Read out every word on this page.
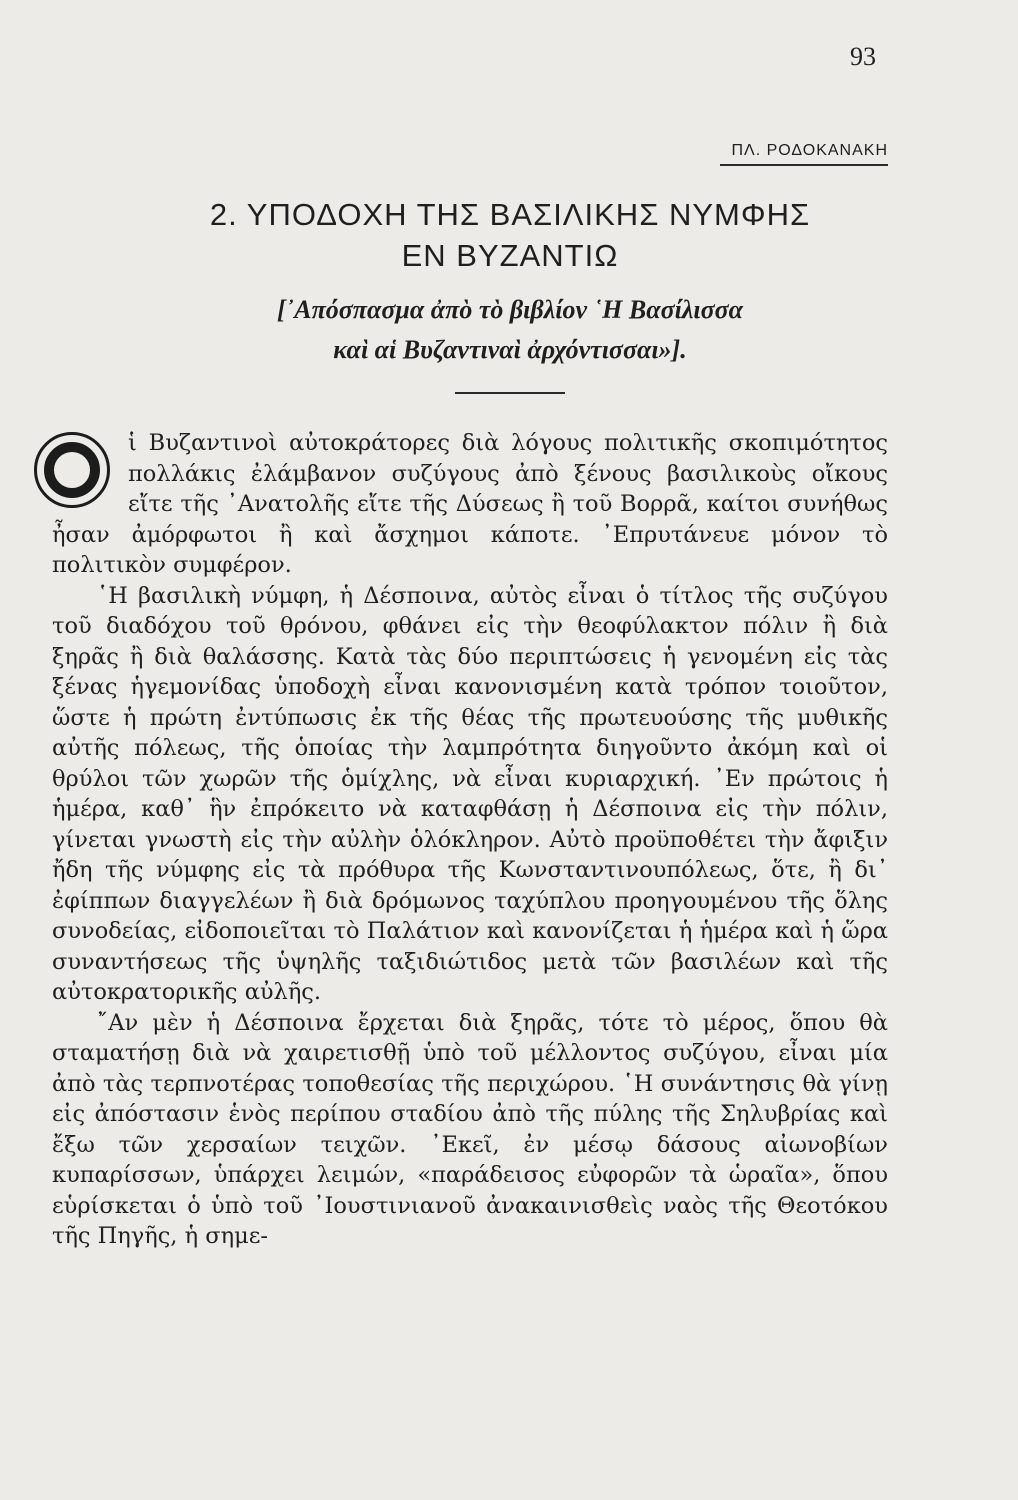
93
ΠΛ. ΡΟΔΟΚΑΝΑΚΗ
2. ΥΠΟΔΟΧΗ ΤΗΣ ΒΑΣΙΛΙΚΗΣ ΝΥΜΦΗΣ
ΕΝ ΒΥΖΑΝΤΙΩ
[᾿Απόσπασμα ἀπὸ τὸ βιβλίον ῾Η Βασίλισσα
καὶ αἱ Βυζαντιναὶ ἀρχόντισσαι»].

ἱ Βυζαντινοὶ αὐτοκράτορες διὰ λόγους πολιτικῆς σκοπιμότητος πολλάκις ἐλάμβανον συζύγους ἀπὸ ξένους βασιλικοὺς οἴκους εἴτε τῆς ᾿Ανατολῆς εἴτε τῆς Δύσεως ἢ τοῦ Βορρᾶ, καίτοι συνήθως ἦσαν ἀμόρφωτοι ἢ καὶ ἄσχημοι κάποτε. ᾿Επρυτάνευε μόνον τὸ πολιτικὸν συμφέρον.

῾Η βασιλικὴ νύμφη, ἡ Δέσποινα, αὐτὸς εἶναι ὁ τίτλος τῆς συζύγου τοῦ διαδόχου τοῦ θρόνου, φθάνει εἰς τὴν θεοφύλακτον πόλιν ἢ διὰ ξηρᾶς ἢ διὰ θαλάσσης. Κατὰ τὰς δύο περιπτώσεις ἡ γενομένη εἰς τὰς ξένας ἡγεμονίδας ὑποδοχὴ εἶναι κανονισμένη κατὰ τρόπον τοιοῦτον, ὥστε ἡ πρώτη ἐντύπωσις ἐκ τῆς θέας τῆς πρωτευούσης τῆς μυθικῆς αὐτῆς πόλεως, τῆς ὁποίας τὴν λαμπρότητα διηγοῦντο ἀκόμη καὶ οἱ θρύλοι τῶν χωρῶν τῆς ὁμίχλης, νὰ εἶναι κυριαρχική. ᾿Εν πρώτοις ἡ ἡμέρα, καθ᾿ ἣν ἐπρόκειτο νὰ καταφθάσῃ ἡ Δέσποινα εἰς τὴν πόλιν, γίνεται γνωστὴ εἰς τὴν αὐλὴν ὁλόκληρον. Αὐτὸ προϋποθέτει τὴν ἄφιξιν ἤδη τῆς νύμφης εἰς τὰ πρόθυρα τῆς Κωνσταντινουπόλεως, ὅτε, ἢ δι᾿ ἐφίππων διαγγελέων ἢ διὰ δρόμωνος ταχύπλου προηγουμένου τῆς ὅλης συνοδείας, εἰδοποιεῖται τὸ Παλάτιον καὶ κανονίζεται ἡ ἡμέρα καὶ ἡ ὥρα συναντήσεως τῆς ὑψηλῆς ταξιδιώτιδος μετὰ τῶν βασιλέων καὶ τῆς αὐτοκρατορικῆς αὐλῆς.

῎Αν μὲν ἡ Δέσποινα ἔρχεται διὰ ξηρᾶς, τότε τὸ μέρος, ὅπου θὰ σταματήσῃ διὰ νὰ χαιρετισθῇ ὑπὸ τοῦ μέλλοντος συζύγου, εἶναι μία ἀπὸ τὰς τερπνοτέρας τοποθεσίας τῆς περιχώρου. ῾Η συνάντησις θὰ γίνῃ εἰς ἀπόστασιν ἑνὸς περίπου σταδίου ἀπὸ τῆς πύλης τῆς Σηλυβρίας καὶ ἔξω τῶν χερσαίων τειχῶν. ᾿Εκεῖ, ἐν μέσῳ δάσους αἰωνοβίων κυπαρίσσων, ὑπάρχει λειμών, «παράδεισος εὐφορῶν τὰ ὡραῖα», ὅπου εὑρίσκεται ὁ ὑπὸ τοῦ ᾿Ιουστινιανοῦ ἀνακαινισθεὶς ναὸς τῆς Θεοτόκου τῆς Πηγῆς, ἡ σημε-
